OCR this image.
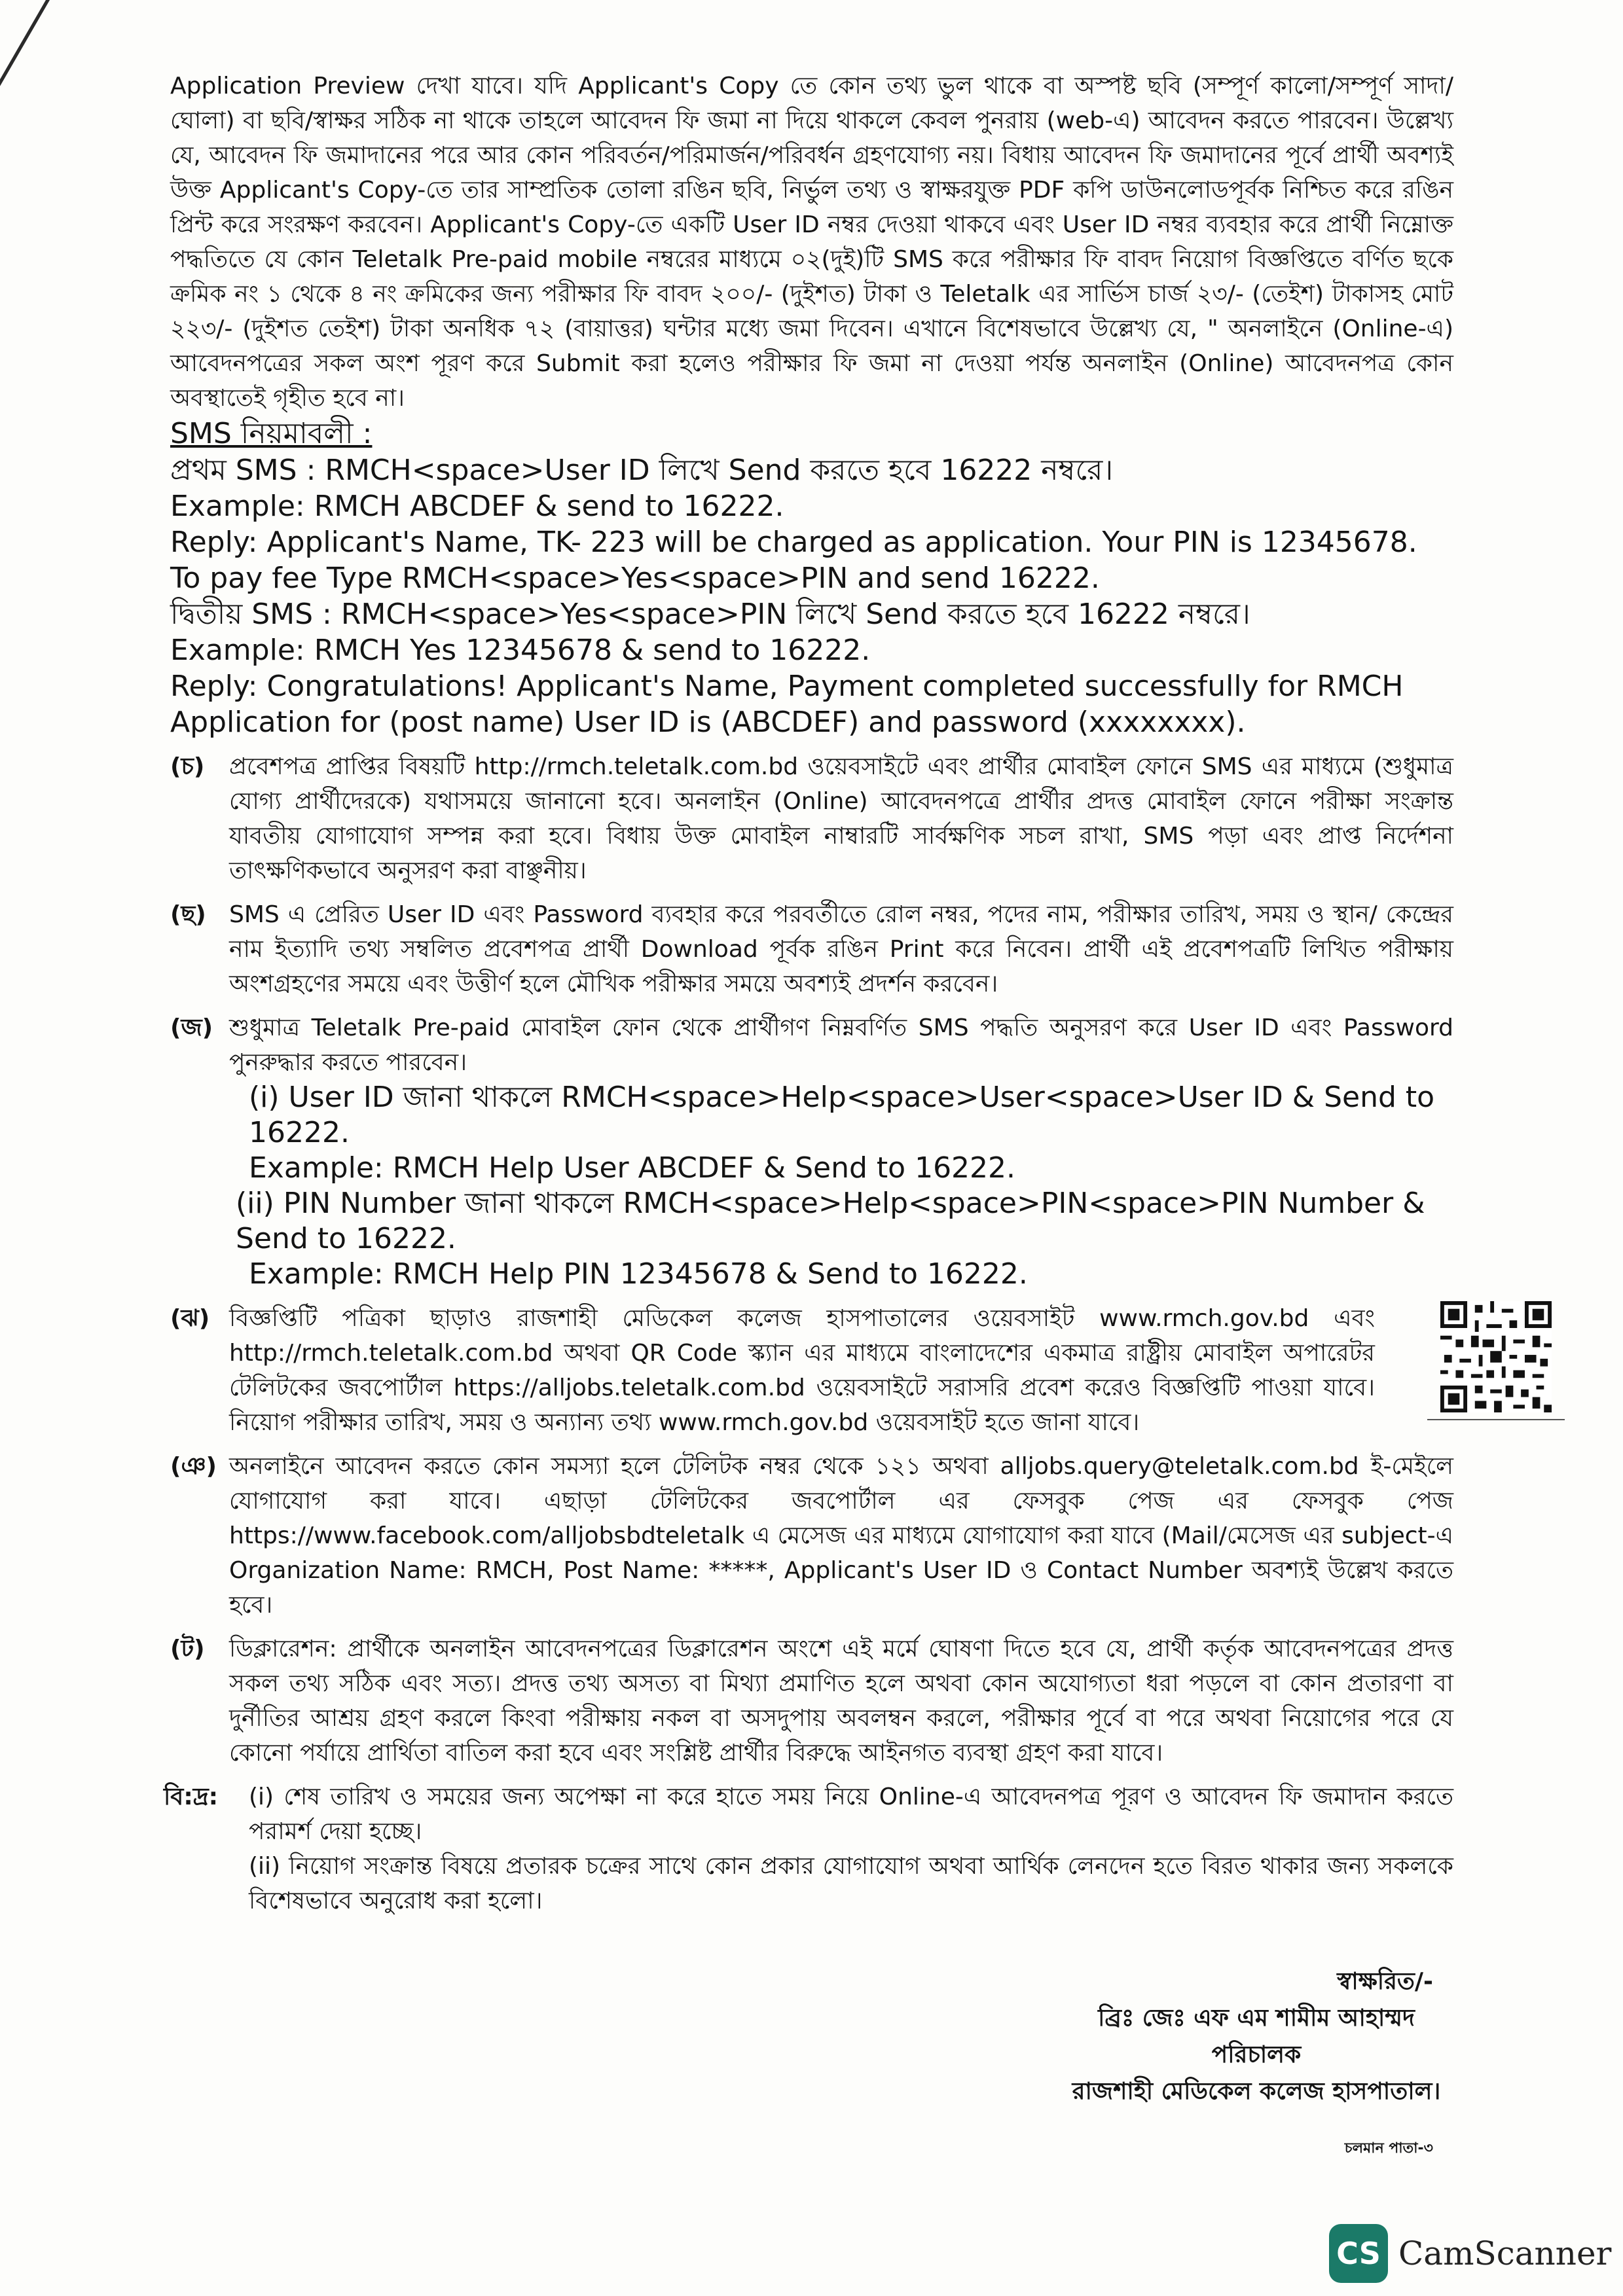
Application Preview দেখা যাবে। যদি Applicant's Copy তে কোন তথ্য ভুল থাকে বা অস্পষ্ট ছবি (সম্পূর্ণ কালো/সম্পূর্ণ সাদা/ঘোলা) বা ছবি/স্বাক্ষর সঠিক না থাকে তাহলে আবেদন ফি জমা না দিয়ে থাকলে কেবল পুনরায় (web-এ) আবেদন করতে পারবেন। উল্লেখ্য যে, আবেদন ফি জমাদানের পরে আর কোন পরিবর্তন/পরিমার্জন/পরিবর্ধন গ্রহণযোগ্য নয়। বিধায় আবেদন ফি জমাদানের পূর্বে প্রার্থী অবশ্যই উক্ত Applicant's Copy-তে তার সাম্প্রতিক তোলা রঙিন ছবি, নির্ভুল তথ্য ও স্বাক্ষরযুক্ত PDF কপি ডাউনলোডপূর্বক নিশ্চিত করে রঙিন প্রিন্ট করে সংরক্ষণ করবেন। Applicant's Copy-তে একটি User ID নম্বর দেওয়া থাকবে এবং User ID নম্বর ব্যবহার করে প্রার্থী নিম্নোক্ত পদ্ধতিতে যে কোন Teletalk Pre-paid mobile নম্বরের মাধ্যমে ০২(দুই)টি SMS করে পরীক্ষার ফি বাবদ নিয়োগ বিজ্ঞপ্তিতে বর্ণিত ছকে ক্রমিক নং ১ থেকে ৪ নং ক্রমিকের জন্য পরীক্ষার ফি বাবদ ২০০/- (দুইশত) টাকা ও Teletalk এর সার্ভিস চার্জ ২৩/- (তেইশ) টাকাসহ মোট ২২৩/- (দুইশত তেইশ) টাকা অনধিক ৭২ (বায়াত্তর) ঘন্টার মধ্যে জমা দিবেন। এখানে বিশেষভাবে উল্লেখ্য যে, " অনলাইনে (Online-এ) আবেদনপত্রের সকল অংশ পূরণ করে Submit করা হলেও পরীক্ষার ফি জমা না দেওয়া পর্যন্ত অনলাইন (Online) আবেদনপত্র কোন অবস্থাতেই গৃহীত হবে না।

SMS নিয়মাবলী :

প্রথম SMS : RMCH<space>User ID লিখে Send করতে হবে 16222 নম্বরে।

Example: RMCH ABCDEF & send to 16222.

Reply: Applicant's Name, TK- 223 will be charged as application. Your PIN is 12345678. To pay fee Type RMCH<space>Yes<space>PIN and send 16222.

দ্বিতীয় SMS : RMCH<space>Yes<space>PIN লিখে Send করতে হবে 16222 নম্বরে।

Example: RMCH Yes 12345678 & send to 16222.

Reply: Congratulations! Applicant's Name, Payment completed successfully for RMCH Application for (post name) User ID is (ABCDEF) and password (xxxxxxxx).

(চ) প্রবেশপত্র প্রাপ্তির বিষয়টি http://rmch.teletalk.com.bd ওয়েবসাইটে এবং প্রার্থীর মোবাইল ফোনে SMS এর মাধ্যমে (শুধুমাত্র যোগ্য প্রার্থীদেরকে) যথাসময়ে জানানো হবে। অনলাইন (Online) আবেদনপত্রে প্রার্থীর প্রদত্ত মোবাইল ফোনে পরীক্ষা সংক্রান্ত যাবতীয় যোগাযোগ সম্পন্ন করা হবে। বিধায় উক্ত মোবাইল নাম্বারটি সার্বক্ষণিক সচল রাখা, SMS পড়া এবং প্রাপ্ত নির্দেশনা তাৎক্ষণিকভাবে অনুসরণ করা বাঞ্ছনীয়।

(ছ) SMS এ প্রেরিত User ID এবং Password ব্যবহার করে পরবর্তীতে রোল নম্বর, পদের নাম, পরীক্ষার তারিখ, সময় ও স্থান/ কেন্দ্রের নাম ইত্যাদি তথ্য সম্বলিত প্রবেশপত্র প্রার্থী Download পূর্বক রঙিন Print করে নিবেন। প্রার্থী এই প্রবেশপত্রটি লিখিত পরীক্ষায় অংশগ্রহণের সময়ে এবং উত্তীর্ণ হলে মৌখিক পরীক্ষার সময়ে অবশ্যই প্রদর্শন করবেন।

(জ) শুধুমাত্র Teletalk Pre-paid মোবাইল ফোন থেকে প্রার্থীগণ নিম্নবর্ণিত SMS পদ্ধতি অনুসরণ করে User ID এবং Password পুনরুদ্ধার করতে পারবেন।

(i) User ID জানা থাকলে RMCH<space>Help<space>User<space>User ID & Send to 16222.

Example: RMCH Help User ABCDEF & Send to 16222.

(ii) PIN Number জানা থাকলে RMCH<space>Help<space>PIN<space>PIN Number & Send to 16222.

Example: RMCH Help PIN 12345678 & Send to 16222.

(ঝ) বিজ্ঞপ্তিটি পত্রিকা ছাড়াও রাজশাহী মেডিকেল কলেজ হাসপাতালের ওয়েবসাইট www.rmch.gov.bd এবং http://rmch.teletalk.com.bd অথবা QR Code স্ক্যান এর মাধ্যমে বাংলাদেশের একমাত্র রাষ্ট্রীয় মোবাইল অপারেটর টেলিটকের জবপোর্টাল https://alljobs.teletalk.com.bd ওয়েবসাইটে সরাসরি প্রবেশ করেও বিজ্ঞপ্তিটি পাওয়া যাবে। নিয়োগ পরীক্ষার তারিখ, সময় ও অন্যান্য তথ্য www.rmch.gov.bd ওয়েবসাইট হতে জানা যাবে।

(ঞ) অনলাইনে আবেদন করতে কোন সমস্যা হলে টেলিটক নম্বর থেকে ১২১ অথবা alljobs.query@teletalk.com.bd ই-মেইলে যোগাযোগ করা যাবে। এছাড়া টেলিটকের জবপোর্টাল এর ফেসবুক পেজ এর ফেসবুক পেজ https://www.facebook.com/alljobsbdteletalk এ মেসেজ এর মাধ্যমে যোগাযোগ করা যাবে (Mail/মেসেজ এর subject-এ Organization Name: RMCH, Post Name: *****, Applicant's User ID ও Contact Number অবশ্যই উল্লেখ করতে হবে।

(ট) ডিক্লারেশন: প্রার্থীকে অনলাইন আবেদনপত্রের ডিক্লারেশন অংশে এই মর্মে ঘোষণা দিতে হবে যে, প্রার্থী কর্তৃক আবেদনপত্রের প্রদত্ত সকল তথ্য সঠিক এবং সত্য। প্রদত্ত তথ্য অসত্য বা মিথ্যা প্রমাণিত হলে অথবা কোন অযোগ্যতা ধরা পড়লে বা কোন প্রতারণা বা দুর্নীতির আশ্রয় গ্রহণ করলে কিংবা পরীক্ষায় নকল বা অসদুপায় অবলম্বন করলে, পরীক্ষার পূর্বে বা পরে অথবা নিয়োগের পরে যে কোনো পর্যায়ে প্রার্থিতা বাতিল করা হবে এবং সংশ্লিষ্ট প্রার্থীর বিরুদ্ধে আইনগত ব্যবস্থা গ্রহণ করা যাবে।

বি:দ্র: (i) শেষ তারিখ ও সময়ের জন্য অপেক্ষা না করে হাতে সময় নিয়ে Online-এ আবেদনপত্র পূরণ ও আবেদন ফি জমাদান করতে পরামর্শ দেয়া হচ্ছে।

(ii) নিয়োগ সংক্রান্ত বিষয়ে প্রতারক চক্রের সাথে কোন প্রকার যোগাযোগ অথবা আর্থিক লেনদেন হতে বিরত থাকার জন্য সকলকে বিশেষভাবে অনুরোধ করা হলো।

স্বাক্ষরিত/-

ব্রিঃ জেঃ এফ এম শামীম আহাম্মদ

পরিচালক

রাজশাহী মেডিকেল কলেজ হাসপাতাল।

চলমান পাতা-৩
CS CamScanner
